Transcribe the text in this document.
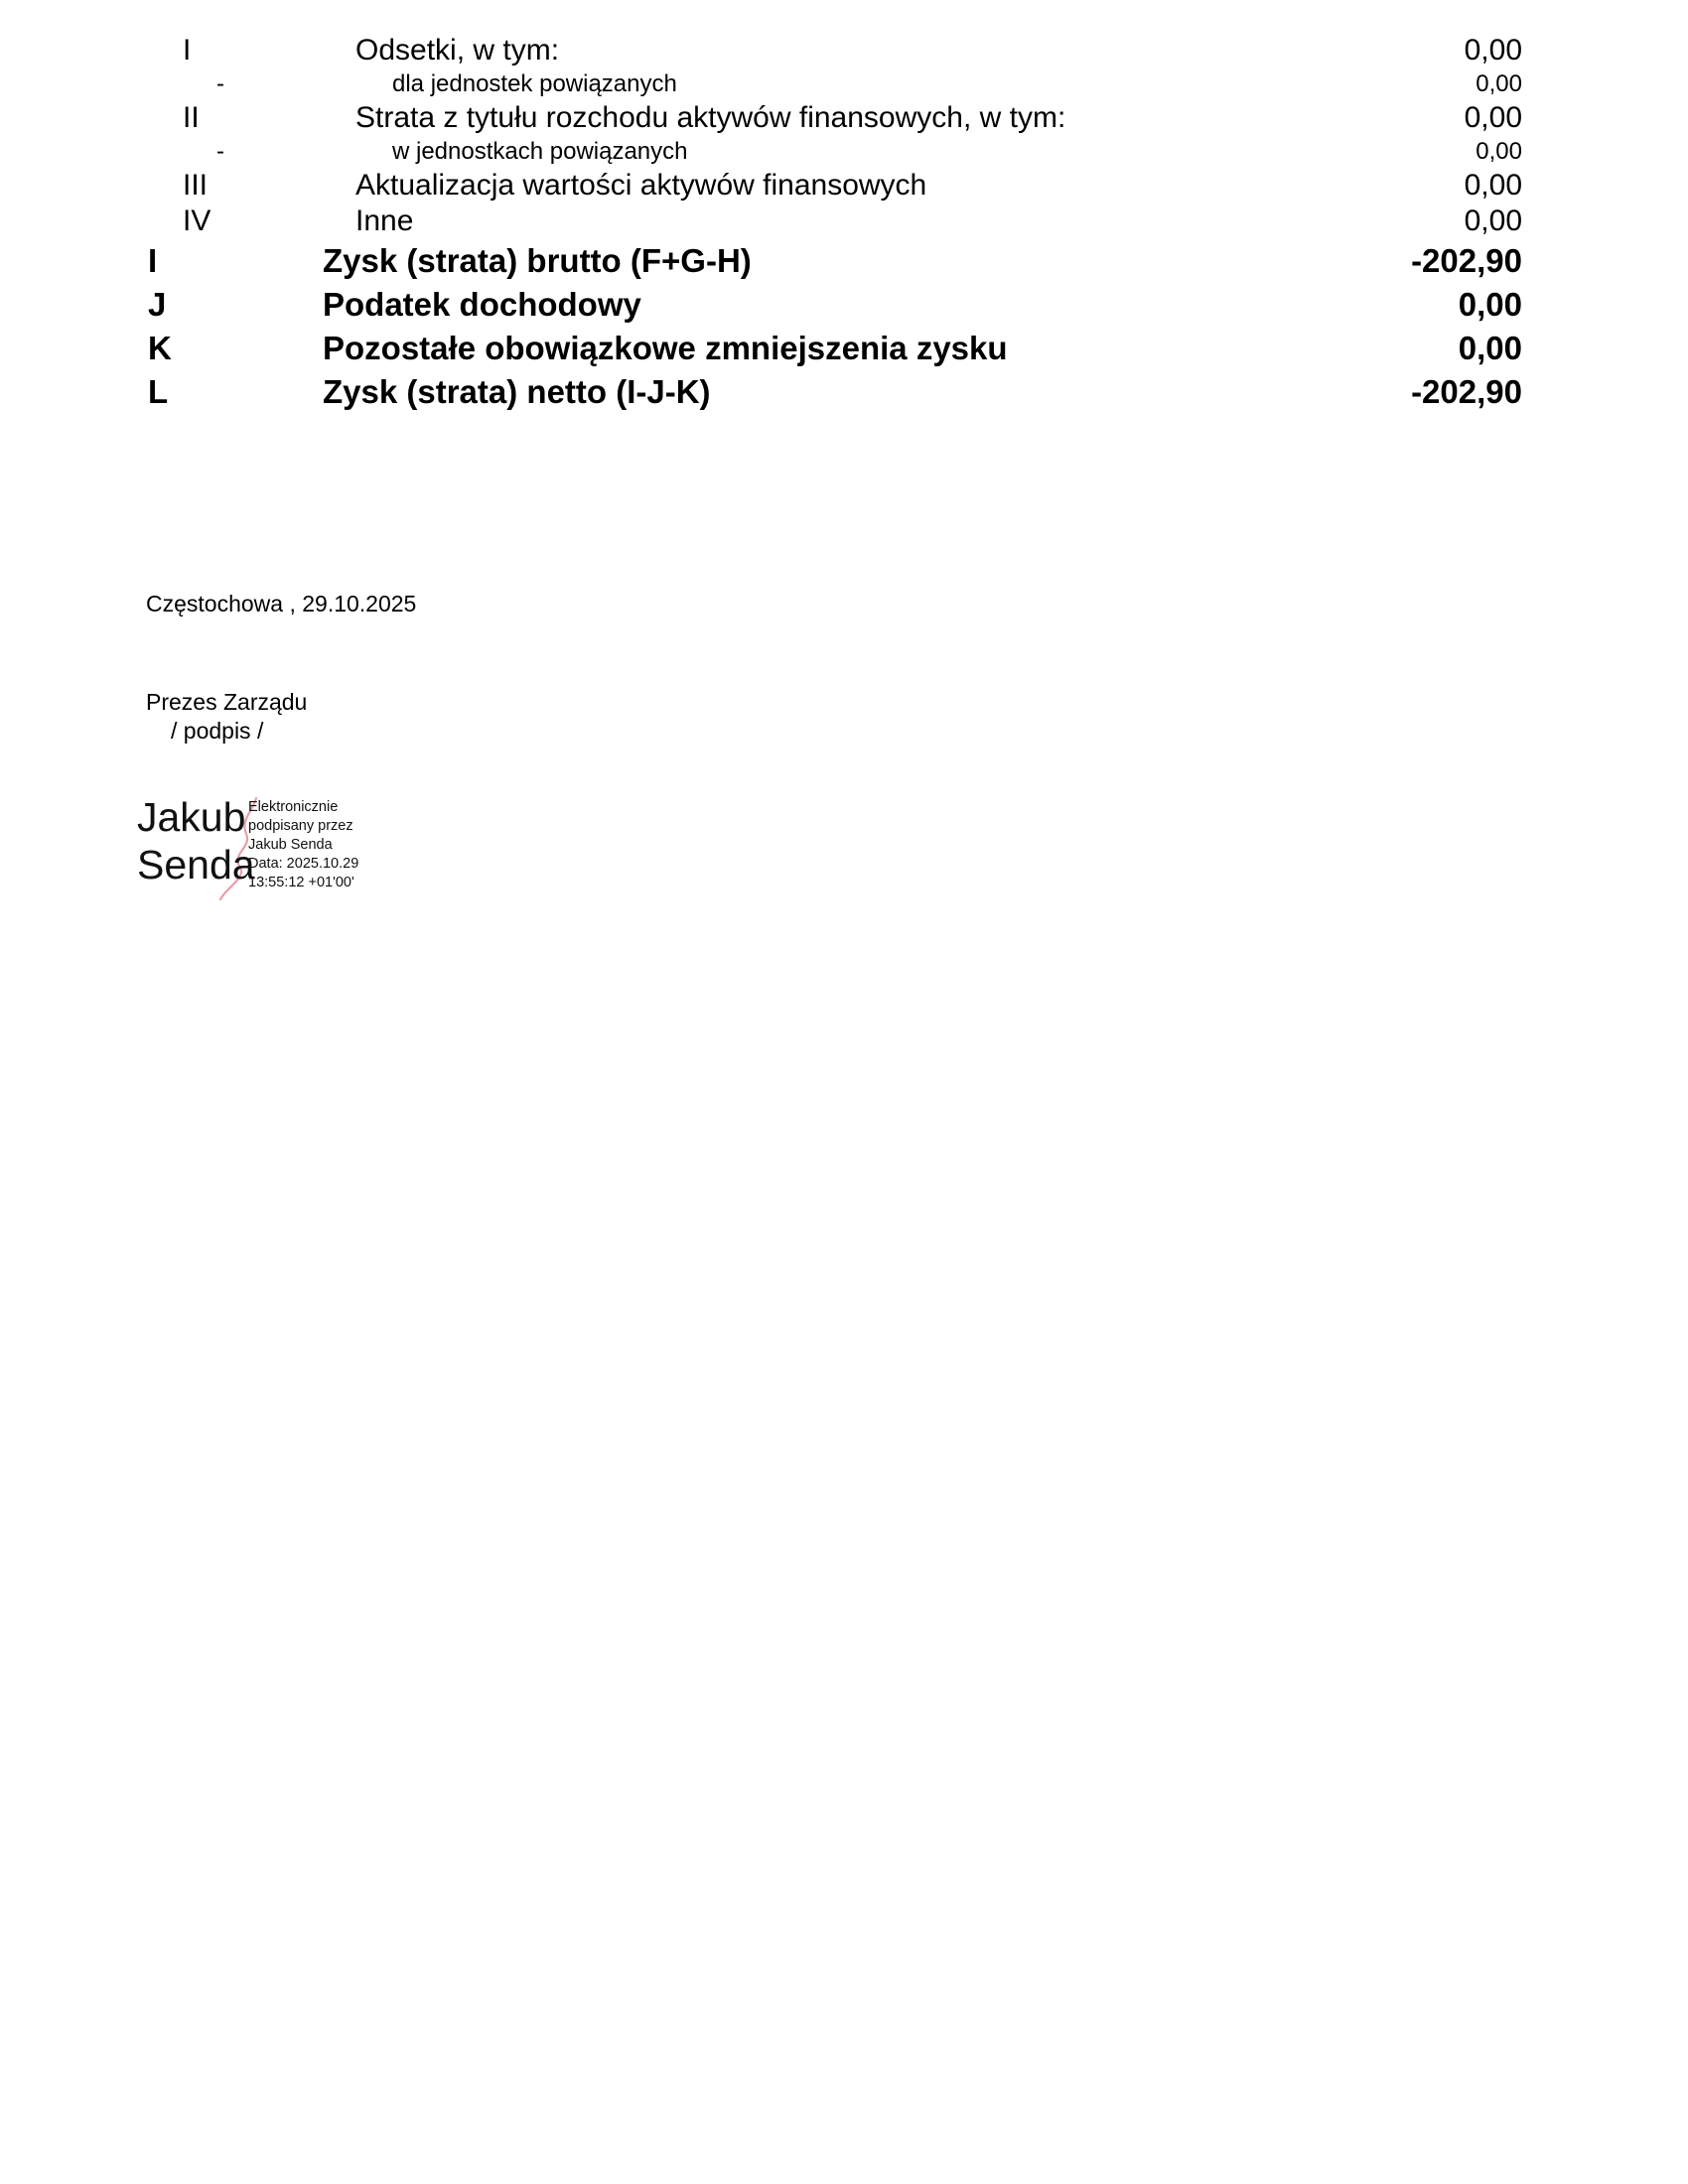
I	Odsetki, w tym:	0,00
-	dla jednostek powiązanych	0,00
II	Strata z tytułu rozchodu aktywów finansowych, w tym:	0,00
-	w jednostkach powiązanych	0,00
III	Aktualizacja wartości aktywów finansowych	0,00
IV	Inne	0,00
I	Zysk (strata) brutto (F+G-H)	-202,90
J	Podatek dochodowy	0,00
K	Pozostałe obowiązkowe zmniejszenia zysku	0,00
L	Zysk (strata) netto (I-J-K)	-202,90
Częstochowa , 29.10.2025
Prezes Zarządu
/ podpis /
Jakub
Senda
Elektronicznie
podpisany przez
Jakub Senda
Data: 2025.10.29
13:55:12 +01'00'
